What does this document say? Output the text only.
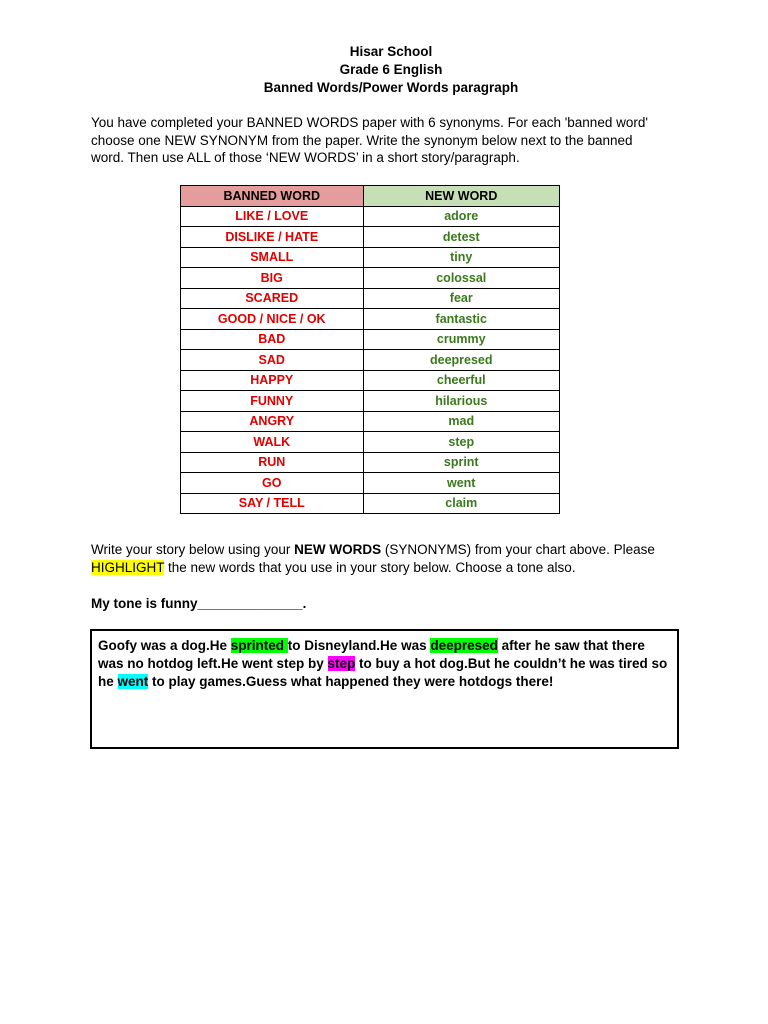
Hisar School
Grade 6 English
Banned Words/Power Words paragraph
You have completed your BANNED WORDS paper with 6 synonyms. For each 'banned word'
choose one NEW SYNONYM from the paper. Write the synonym below next to the banned
word. Then use ALL of those ‘NEW WORDS’ in a short story/paragraph.
BANNED WORD	NEW WORD
LIKE / LOVE	adore
DISLIKE / HATE	detest
SMALL	tiny
BIG	colossal
SCARED	fear
GOOD / NICE / OK	fantastic
BAD	crummy
SAD	deepresed
HAPPY	cheerful
FUNNY	hilarious
ANGRY	mad
WALK	step
RUN	sprint
GO	went
SAY / TELL	claim
Write your story below using your NEW WORDS (SYNONYMS) from your chart above. Please
HIGHLIGHT the new words that you use in your story below. Choose a tone also.
My tone is funny______________.
Goofy was a dog.He sprinted to Disneyland.He was deepresed after he saw that there
was no hotdog left.He went step by step to buy a hot dog.But he couldn’t he was tired so
he went to play games.Guess what happened they were hotdogs there!
